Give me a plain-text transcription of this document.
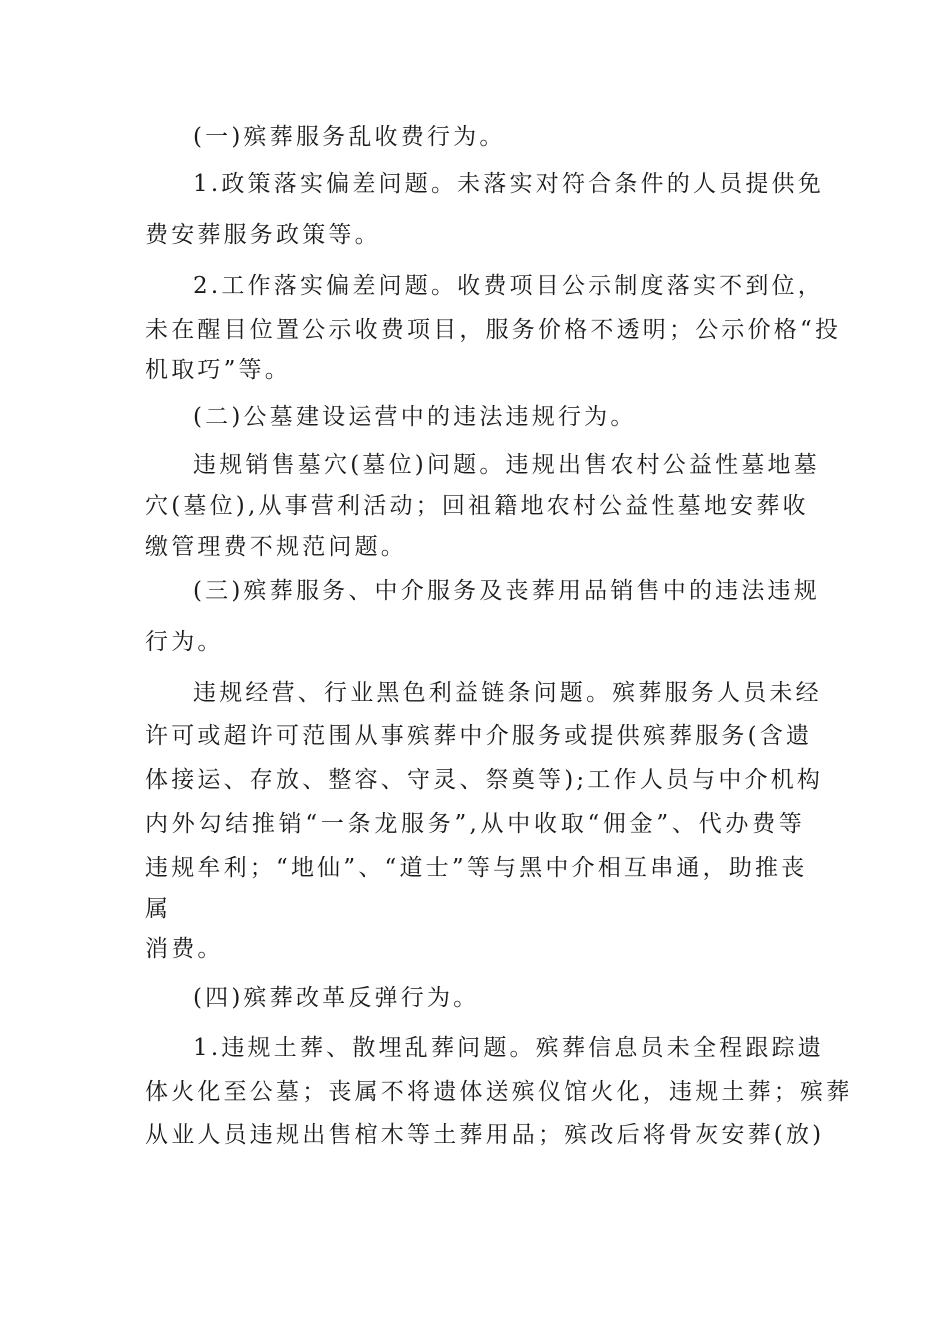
(一)殡葬服务乱收费行为。
1.政策落实偏差问题。未落实对符合条件的人员提供免
费安葬服务政策等。
2.工作落实偏差问题。收费项目公示制度落实不到位，
未在醒目位置公示收费项目，服务价格不透明；公示价格“投
机取巧”等。
(二)公墓建设运营中的违法违规行为。
违规销售墓穴(墓位)问题。违规出售农村公益性墓地墓
穴(墓位),从事营利活动；回祖籍地农村公益性墓地安葬收
缴管理费不规范问题。
(三)殡葬服务、中介服务及丧葬用品销售中的违法违规
行为。
违规经营、行业黑色利益链条问题。殡葬服务人员未经
许可或超许可范围从事殡葬中介服务或提供殡葬服务(含遗
体接运、存放、整容、守灵、祭奠等);工作人员与中介机构
内外勾结推销“一条龙服务”,从中收取“佣金”、代办费等
违规牟利；“地仙”、“道士”等与黑中介相互串通，助推丧
属
消费。
(四)殡葬改革反弹行为。
1.违规土葬、散埋乱葬问题。殡葬信息员未全程跟踪遗
体火化至公墓；丧属不将遗体送殡仪馆火化，违规土葬；殡葬
从业人员违规出售棺木等土葬用品；殡改后将骨灰安葬(放)
